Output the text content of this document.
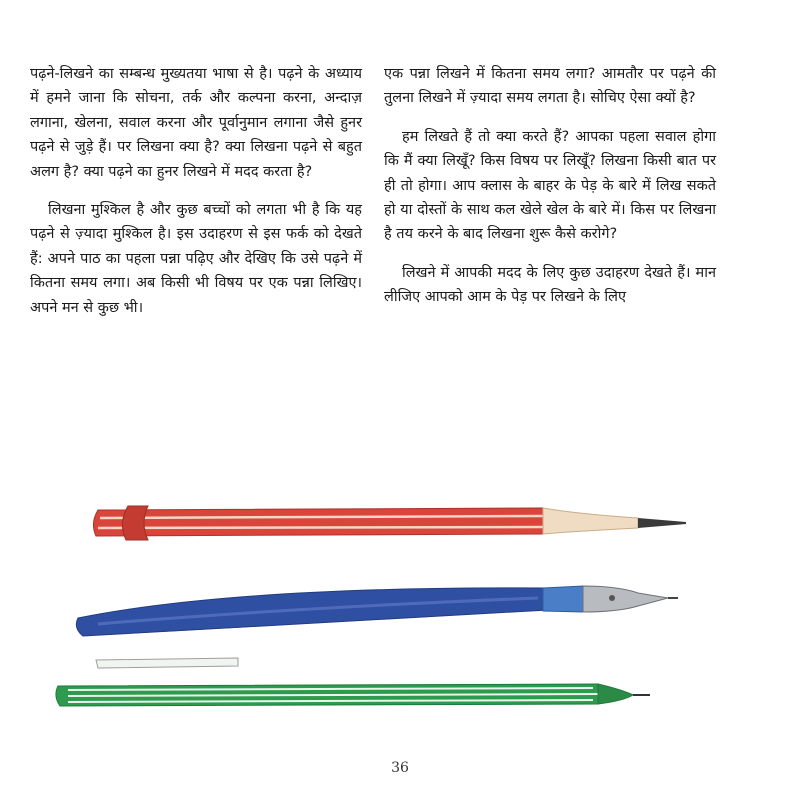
पढ़ने-लिखने का सम्बन्ध मुख्यतया भाषा से है। पढ़ने के अध्याय में हमने जाना कि सोचना, तर्क और कल्पना करना, अन्दाज़ लगाना, खेलना, सवाल करना और पूर्वानुमान लगाना जैसे हुनर पढ़ने से जुड़े हैं। पर लिखना क्या है? क्या लिखना पढ़ने से बहुत अलग है? क्या पढ़ने का हुनर लिखने में मदद करता है?

लिखना मुश्किल है और कुछ बच्चों को लगता भी है कि यह पढ़ने से ज़्यादा मुश्किल है। इस उदाहरण से इस फर्क को देखते हैं: अपने पाठ का पहला पन्ना पढ़िए और देखिए कि उसे पढ़ने में कितना समय लगा। अब किसी भी विषय पर एक पन्ना लिखिए। अपने मन से कुछ भी।

एक पन्ना लिखने में कितना समय लगा? आमतौर पर पढ़ने की तुलना लिखने में ज़्यादा समय लगता है। सोचिए ऐसा क्यों है?

हम लिखते हैं तो क्या करते हैं? आपका पहला सवाल होगा कि मैं क्या लिखूँ? किस विषय पर लिखूँ? लिखना किसी बात पर ही तो होगा। आप क्लास के बाहर के पेड़ के बारे में लिख सकते हो या दोस्तों के साथ कल खेले खेल के बारे में। किस पर लिखना है तय करने के बाद लिखना शुरू कैसे करोगे?

लिखने में आपकी मदद के लिए कुछ उदाहरण देखते हैं। मान लीजिए आपको आम के पेड़ पर लिखने के लिए

36
